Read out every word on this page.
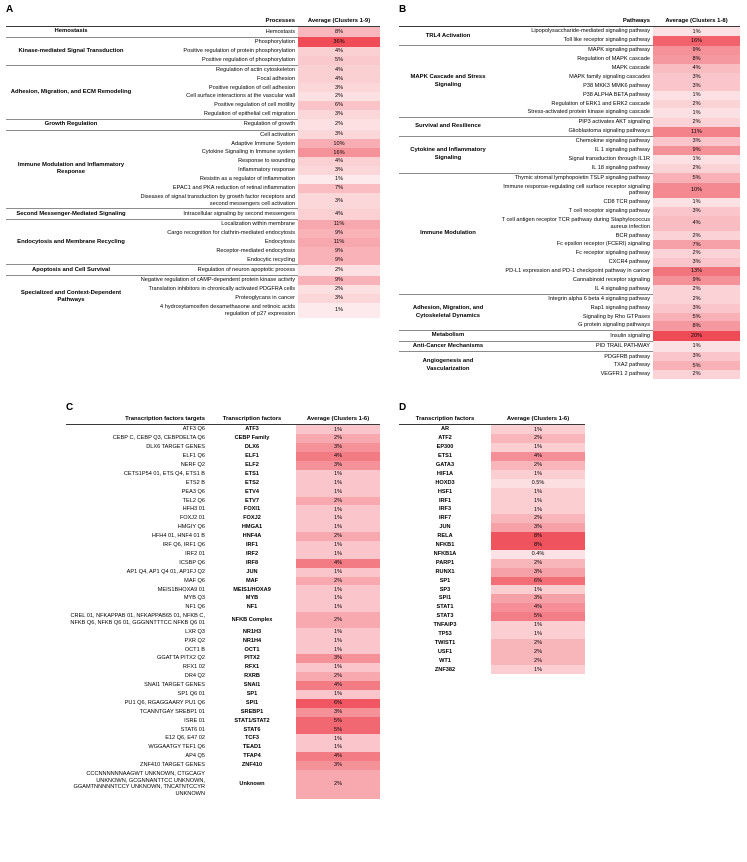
A
	Processes	Average (Clusters 1-9)
Hemostasis	Hemostasis	8%
Kinase-mediated Signal Transduction	Phosphorylation	36%
	Positive regulation of protein phosphorylation	4%
	Positive regulation of phosphorylation	5%
Adhesion, Migration, and ECM Remodeling	Regulation of actin cytoskeleton	4%
	Focal adhesion	4%
	Positive regulation of cell adhesion	3%
	Cell surface interactions at the vascular wall	2%
	Positive regulation of cell motility	6%
	Regulation of epithelial cell migration	3%
Growth Regulation	Regulation of growth	2%
Immune Modulation and Inflammatory Response	Cell activation	3%
	Adaptive Immune System	10%
	Cytokine Signaling in Immune system	16%
	Response to wounding	4%
	Inflammatory response	3%
	Resistin as a regulator of inflammation	1%
	EPAC1 and PKA reduction of retinal inflammation	7%
	Diseases of signal transduction by growth factor receptors and second messengers cell activation	3%
Second Messenger-Mediated Signaling	Intracellular signaling by second messengers	4%
Endocytosis and Membrane Recycling	Localization within membrane	11%
	Cargo recognition for clathrin-mediated endocytosis	9%
	Endocytosis	11%
	Receptor-mediated endocytosis	9%
	Endocytic recycling	9%
Apoptosis and Cell Survival	Regulation of neuron apoptotic process	2%
Specialized and Context-Dependent Pathways	Negative regulation of cAMP-dependent protein kinase activity	9%
	Translation inhibitors in chronically activated PDGFRA cells	2%
	Proteoglycans in cancer	3%
	4 hydroxytamoxifen dexamethasone and retinoic acids regulation of p27 expression	1%
B
	Pathways	Average (Clusters 1-8)
TRL4 Activation	Lipopolysaccharide-mediated signaling pathway	1%
	Toll like receptor signaling pathway	16%
MAPK Cascade and Stress Signaling	MAPK signaling pathway	9%
	Regulation of MAPK cascade	8%
	MAPK cascade	4%
	MAPK family signaling cascades	3%
	P38 MKK3 MMK6 pathway	3%
	P38 ALPHA BETA pathway	1%
	Regulation of ERK1 and ERK2 cascade	2%
	Stress-activated protein kinase signaling cascade	1%
Survival and Resilience	PIP3 activates AKT signaling	2%
	Glioblastoma signaling pathways	11%
Cytokine and Inflammatory Signaling	Chemokine signaling pathway	3%
	IL 1 signaling pathway	9%
	Signal transduction through IL1R	1%
	IL 18 signaling pathway	2%
Immune Modulation	Thymic stromal lymphopoietin TSLP signaling pathway	5%
	Immune response-regulating cell surface receptor signaling pathway	10%
	CD8 TCR pathway	1%
	T cell receptor signaling pathway	3%
	T cell antigen receptor TCR pathway during Staphylococcus aureus infection	4%
	BCR pathway	2%
	Fc epsilon receptor (FCERI) signaling	7%
	Fc receptor signaling pathway	2%
	CXCR4 pathway	3%
	PD-L1 expression and PD-1 checkpoint pathway in cancer	13%
	Cannabinoid receptor signaling	9%
	IL 4 signaling pathway	2%
Adhesion, Migration, and Cytoskeletal Dynamics	Integrin alpha 6 beta 4 signaling pathway	2%
	Rap1 signaling pathway	3%
	Signaling by Rho GTPases	5%
	G protein signaling pathways	8%
Metabolism	Insulin signaling	20%
Anti-Cancer Mechanisms	PID TRAIL PATHWAY	1%
Angiogenesis and Vascularization	PDGFRB pathway	3%
	TXA2 pathway	5%
	VEGFR1 2 pathway	2%
C
Transcription factors targets	Transcription factors	Average (Clusters 1-6)
ATF3 Q6	ATF3	1%
CEBP C, CEBP Q3, CEBPDELTA Q6	CEBP Family	2%
DLX6 TARGET GENES	DLX6	3%
ELF1 Q6	ELF1	4%
NERF Q2	ELF2	3%
CETS1P54 01, ETS Q4, ETS1 B	ETS1	1%
ETS2 B	ETS2	1%
PEA3 Q6	ETV4	1%
TEL2 Q6	ETV7	2%
HFH3 01	FOXI1	1%
FOXJ2 01	FOXJ2	1%
HMGIY Q6	HMGA1	1%
HFH4 01, HNF4 01 B	HNF4A	2%
IRF Q6, IRF1 Q6	IRF1	1%
IRF2 01	IRF2	1%
ICSBP Q6	IRF8	4%
AP1 Q4, AP1 Q4 01, AP1FJ Q2	JUN	1%
MAF Q6	MAF	2%
MEIS1BHOXA9 01	MEIS1/HOXA9	1%
MYB Q3	MYB	1%
NF1 Q6	NF1	1%
CREL 01, NFKAPPAB 01, NFKAPPAB65 01, NFKB C, NFKB Q6, NFKB Q6 01, GGGNNTTTCC NFKB Q6 01	NFKB Complex	2%
LXR Q3	NR1H3	1%
PXR Q2	NR1H4	1%
OCT1 B	OCT1	1%
GGATTA PITX2 Q2	PITX2	3%
RFX1 02	RFX1	1%
DR4 Q2	RXRB	2%
SNAI1 TARGET GENES	SNAI1	4%
SP1 Q6 01	SP1	1%
PU1 Q6, RGAGGAARY PU1 Q6	SPI1	6%
TCANNTGAY SREBP1 01	SREBP1	3%
ISRE 01	STAT1/STAT2	5%
STAT6 01	STAT6	5%
E12 Q6, E47 02	TCF3	1%
WGGAATGY TEF1 Q6	TEAD1	1%
AP4 Q5	TFAP4	4%
ZNF410 TARGET GENES	ZNF410	3%
CCCNNNNNNAAGWT UNKNOWN, CTGCAGY UNKNOWN, GCGNNANTTCC UNKNOWN, GGAMTNNNNNTCCY UNKNOWN, TNCATNTCCYR UNKNOWN	Unknown	2%
D
Transcription factors	Average (Clusters 1-6)
AR	1%
ATF2	2%
EP300	1%
ETS1	4%
GATA3	2%
HIF1A	1%
HOXD3	0.5%
HSF1	1%
IRF1	1%
IRF3	1%
IRF7	2%
JUN	3%
RELA	8%
NFKB1	8%
NFKB1A	0.4%
PARP1	2%
RUNX1	3%
SP1	6%
SP3	1%
SPI1	3%
STAT1	4%
STAT3	5%
TNFAIP3	1%
TP53	1%
TWIST1	2%
USF1	2%
WT1	2%
ZNF382	1%
